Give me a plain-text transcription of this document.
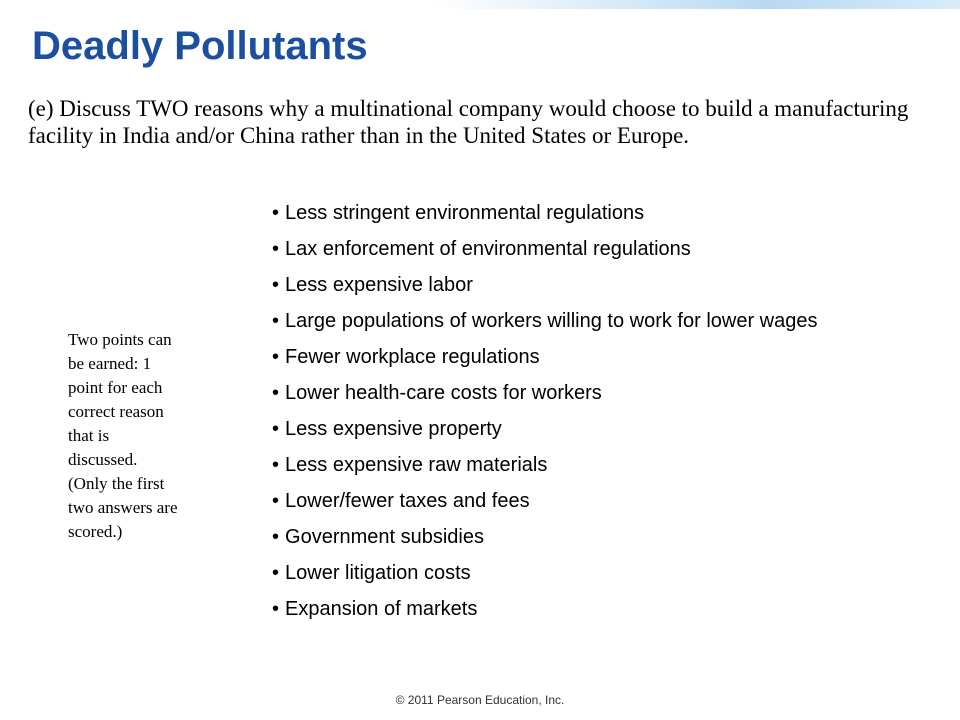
Deadly Pollutants

(e) Discuss TWO reasons why a multinational company would choose to build a manufacturing facility in India and/or China rather than in the United States or Europe.

• Less stringent environmental regulations
• Lax enforcement of environmental regulations
• Less expensive labor
• Large populations of workers willing to work for lower wages
• Fewer workplace regulations
• Lower health-care costs for workers
• Less expensive property
• Less expensive raw materials
• Lower/fewer taxes and fees
• Government subsidies
• Lower litigation costs
• Expansion of markets

Two points can be earned: 1 point for each correct reason that is discussed. (Only the first two answers are scored.)

© 2011 Pearson Education, Inc.
